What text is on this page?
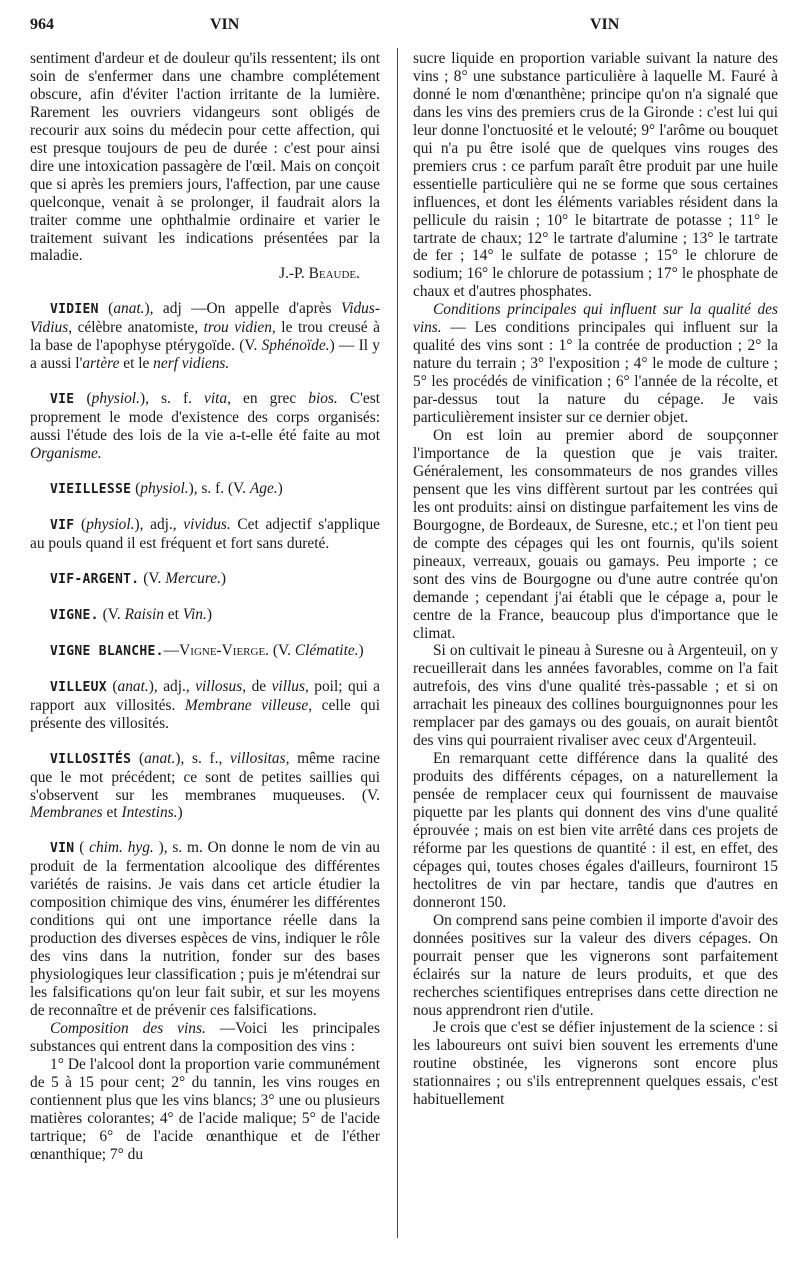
964	VIN	VIN

sentiment d'ardeur et de douleur qu'ils ressentent; ils ont soin de s'enfermer dans une chambre complétement obscure, afin d'éviter l'action irritante de la lumière. Rarement les ouvriers vidangeurs sont obligés de recourir aux soins du médecin pour cette affection, qui est presque toujours de peu de durée : c'est pour ainsi dire une intoxication passagère de l'œil. Mais on conçoit que si après les premiers jours, l'affection, par une cause quelconque, venait à se prolonger, il faudrait alors la traiter comme une ophthalmie ordinaire et varier le traitement suivant les indications présentées par la maladie.

J.-P. Beaude.

VIDIEN (anat.), adj —On appelle d'après Vidus-Vidius, célèbre anatomiste, trou vidien, le trou creusé à la base de l'apophyse ptérygoïde. (V. Sphénoïde.) — Il y a aussi l'artère et le nerf vidiens.

VIE (physiol.), s. f. vita, en grec bios. C'est proprement le mode d'existence des corps organisés: aussi l'étude des lois de la vie a-t-elle été faite au mot Organisme.

VIEILLESSE (physiol.), s. f. (V. Age.)

VIF (physiol.), adj., vividus. Cet adjectif s'applique au pouls quand il est fréquent et fort sans dureté.

VIF-ARGENT. (V. Mercure.)

VIGNE. (V. Raisin et Vin.)

VIGNE BLANCHE.—Vigne-Vierge. (V. Clématite.)

VILLEUX (anat.), adj., villosus, de villus, poil; qui a rapport aux villosités. Membrane villeuse, celle qui présente des villosités.

VILLOSITÉS (anat.), s. f., villositas, même racine que le mot précédent; ce sont de petites saillies qui s'observent sur les membranes muqueuses. (V. Membranes et Intestins.)

VIN ( chim. hyg. ), s. m. On donne le nom de vin au produit de la fermentation alcoolique des différentes variétés de raisins. Je vais dans cet article étudier la composition chimique des vins, énumérer les différentes conditions qui ont une importance réelle dans la production des diverses espèces de vins, indiquer le rôle des vins dans la nutrition, fonder sur des bases physiologiques leur classification ; puis je m'étendrai sur les falsifications qu'on leur fait subir, et sur les moyens de reconnaître et de prévenir ces falsifications.

Composition des vins. —Voici les principales substances qui entrent dans la composition des vins :

1° De l'alcool dont la proportion varie communément de 5 à 15 pour cent; 2° du tannin, les vins rouges en contiennent plus que les vins blancs; 3° une ou plusieurs matières colorantes; 4° de l'acide malique; 5° de l'acide tartrique; 6° de l'acide œnanthique et de l'éther œnanthique; 7° du

sucre liquide en proportion variable suivant la nature des vins ; 8° une substance particulière à laquelle M. Fauré à donné le nom d'œnanthène; principe qu'on n'a signalé que dans les vins des premiers crus de la Gironde : c'est lui qui leur donne l'onctuosité et le velouté; 9° l'arôme ou bouquet qui n'a pu être isolé que de quelques vins rouges des premiers crus : ce parfum paraît être produit par une huile essentielle particulière qui ne se forme que sous certaines influences, et dont les éléments variables résident dans la pellicule du raisin ; 10° le bitartrate de potasse ; 11° le tartrate de chaux; 12° le tartrate d'alumine ; 13° le tartrate de fer ; 14° le sulfate de potasse ; 15° le chlorure de sodium; 16° le chlorure de potassium ; 17° le phosphate de chaux et d'autres phosphates.

Conditions principales qui influent sur la qualité des vins. — Les conditions principales qui influent sur la qualité des vins sont : 1° la contrée de production ; 2° la nature du terrain ; 3° l'exposition ; 4° le mode de culture ; 5° les procédés de vinification ; 6° l'année de la récolte, et par-dessus tout la nature du cépage. Je vais particulièrement insister sur ce dernier objet.

On est loin au premier abord de soupçonner l'importance de la question que je vais traiter. Généralement, les consommateurs de nos grandes villes pensent que les vins diffèrent surtout par les contrées qui les ont produits: ainsi on distingue parfaitement les vins de Bourgogne, de Bordeaux, de Suresne, etc.; et l'on tient peu de compte des cépages qui les ont fournis, qu'ils soient pineaux, verreaux, gouais ou gamays. Peu importe ; ce sont des vins de Bourgogne ou d'une autre contrée qu'on demande ; cependant j'ai établi que le cépage a, pour le centre de la France, beaucoup plus d'importance que le climat.

Si on cultivait le pineau à Suresne ou à Argenteuil, on y recueillerait dans les années favorables, comme on l'a fait autrefois, des vins d'une qualité très-passable ; et si on arrachait les pineaux des collines bourguignonnes pour les remplacer par des gamays ou des gouais, on aurait bientôt des vins qui pourraient rivaliser avec ceux d'Argenteuil.

En remarquant cette différence dans la qualité des produits des différents cépages, on a naturellement la pensée de remplacer ceux qui fournissent de mauvaise piquette par les plants qui donnent des vins d'une qualité éprouvée ; mais on est bien vite arrêté dans ces projets de réforme par les questions de quantité : il est, en effet, des cépages qui, toutes choses égales d'ailleurs, fourniront 15 hectolitres de vin par hectare, tandis que d'autres en donneront 150.

On comprend sans peine combien il importe d'avoir des données positives sur la valeur des divers cépages. On pourrait penser que les vignerons sont parfaitement éclairés sur la nature de leurs produits, et que des recherches scientifiques entreprises dans cette direction ne nous apprendront rien d'utile.

Je crois que c'est se défier injustement de la science : si les laboureurs ont suivi bien souvent les errements d'une routine obstinée, les vignerons sont encore plus stationnaires ; ou s'ils entreprennent quelques essais, c'est habituellement
